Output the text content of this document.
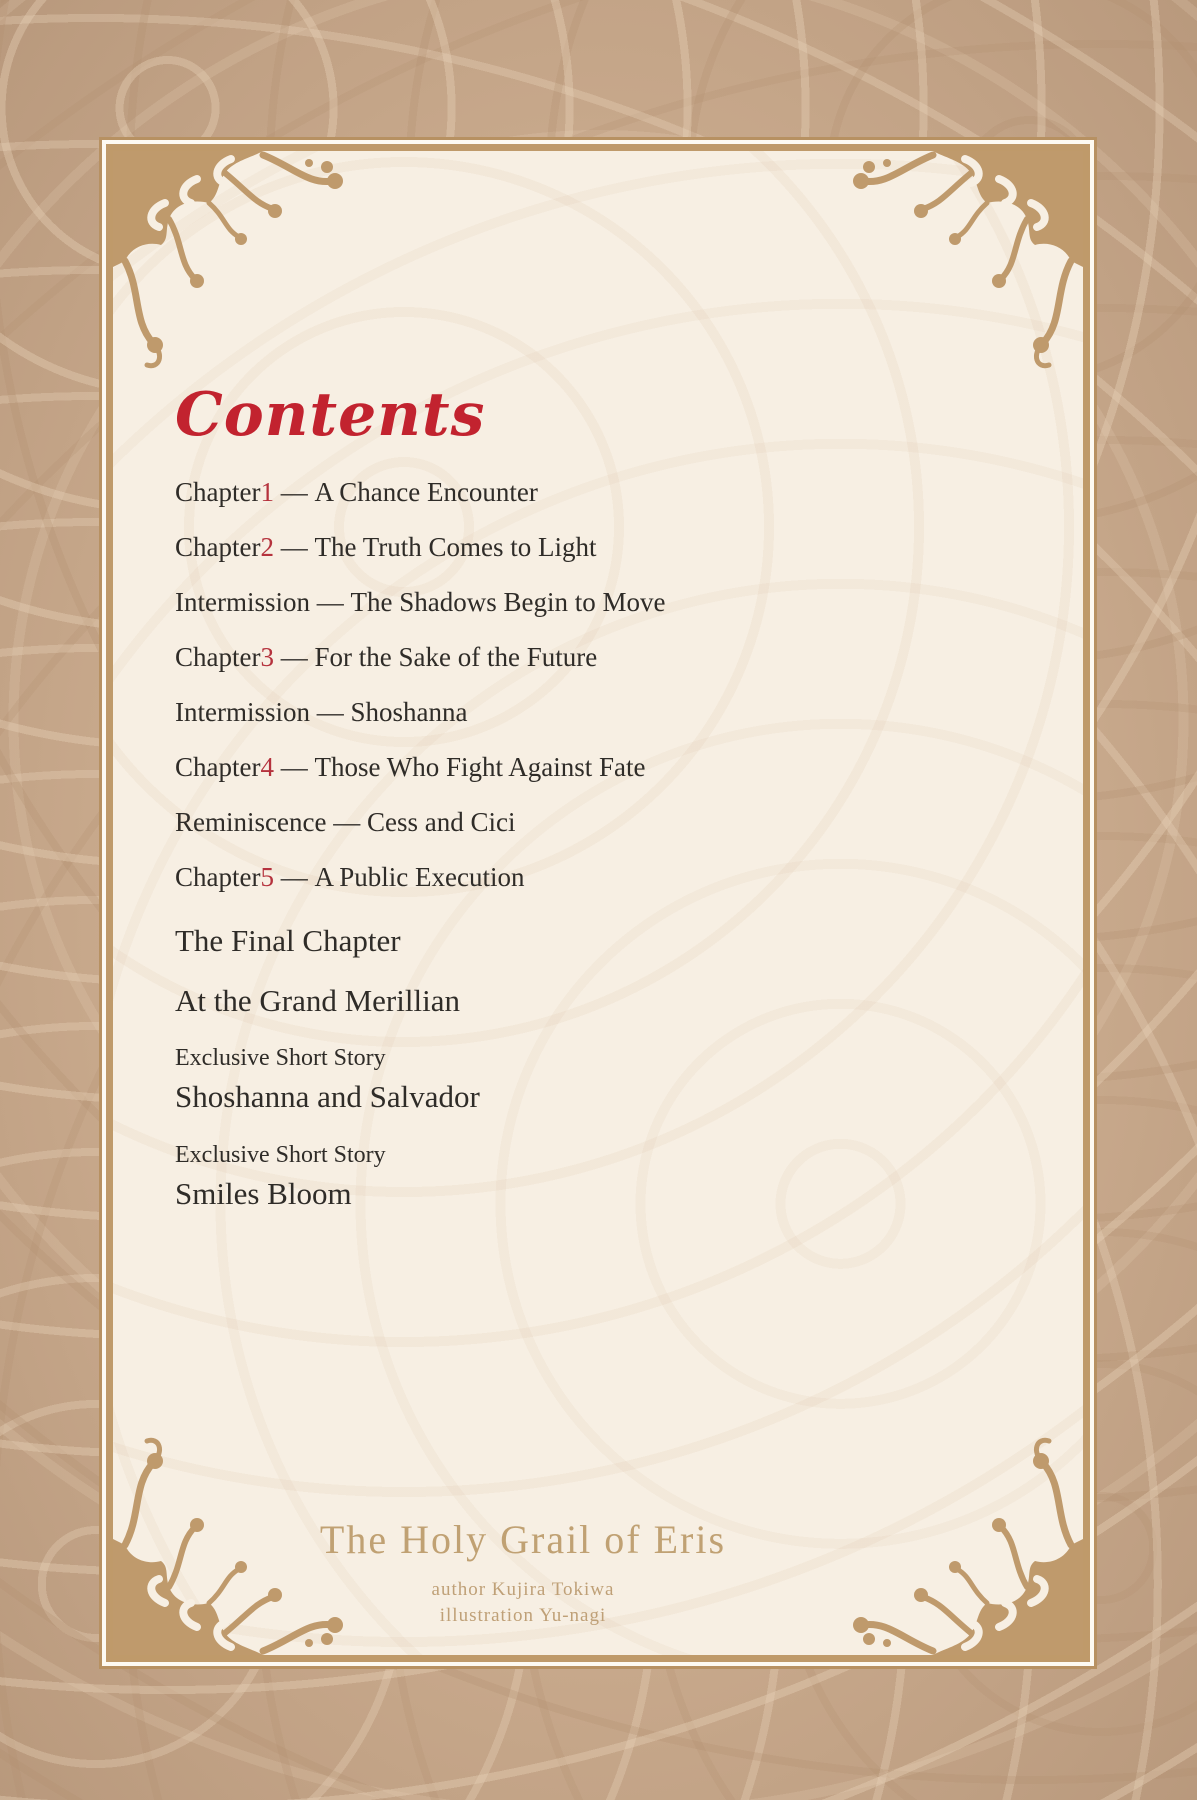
Contents
Chapter 1 — A Chance Encounter
Chapter 2 — The Truth Comes to Light
Intermission — The Shadows Begin to Move
Chapter 3 — For the Sake of the Future
Intermission — Shoshanna
Chapter 4 — Those Who Fight Against Fate
Reminiscence — Cess and Cici
Chapter 5 — A Public Execution
The Final Chapter
At the Grand Merillian
Exclusive Short Story
Shoshanna and Salvador
Exclusive Short Story
Smiles Bloom
The Holy Grail of Eris
author Kujira Tokiwa
illustration Yu-nagi
